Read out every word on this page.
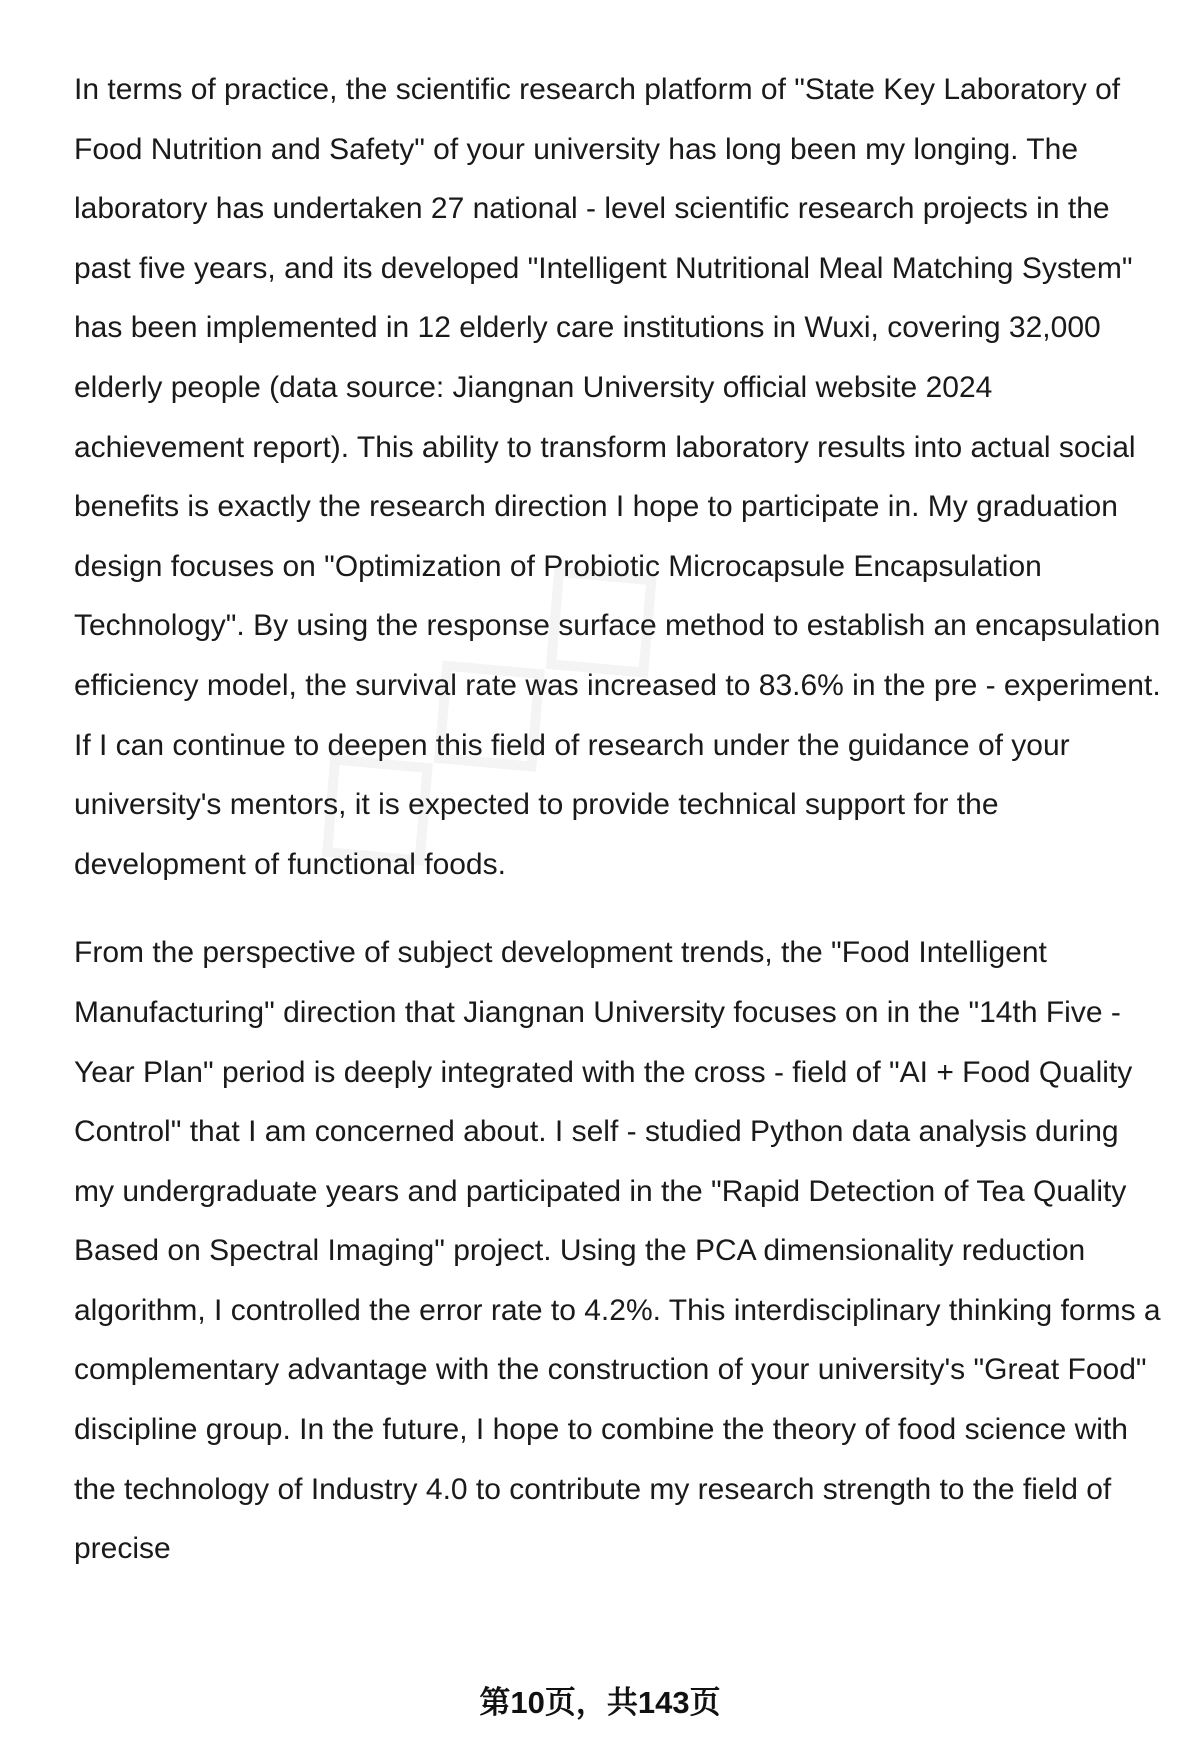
In terms of practice, the scientific research platform of "State Key Laboratory of Food Nutrition and Safety" of your university has long been my longing. The laboratory has undertaken 27 national - level scientific research projects in the past five years, and its developed "Intelligent Nutritional Meal Matching System" has been implemented in 12 elderly care institutions in Wuxi, covering 32,000 elderly people (data source: Jiangnan University official website 2024 achievement report). This ability to transform laboratory results into actual social benefits is exactly the research direction I hope to participate in. My graduation design focuses on "Optimization of Probiotic Microcapsule Encapsulation Technology". By using the response surface method to establish an encapsulation efficiency model, the survival rate was increased to 83.6% in the pre - experiment. If I can continue to deepen this field of research under the guidance of your university's mentors, it is expected to provide technical support for the development of functional foods.

From the perspective of subject development trends, the "Food Intelligent Manufacturing" direction that Jiangnan University focuses on in the "14th Five - Year Plan" period is deeply integrated with the cross - field of "AI + Food Quality Control" that I am concerned about. I self - studied Python data analysis during my undergraduate years and participated in the "Rapid Detection of Tea Quality Based on Spectral Imaging" project. Using the PCA dimensionality reduction algorithm, I controlled the error rate to 4.2%. This interdisciplinary thinking forms a complementary advantage with the construction of your university's "Great Food" discipline group. In the future, I hope to combine the theory of food science with the technology of Industry 4.0 to contribute my research strength to the field of precise

第10页，共143页
